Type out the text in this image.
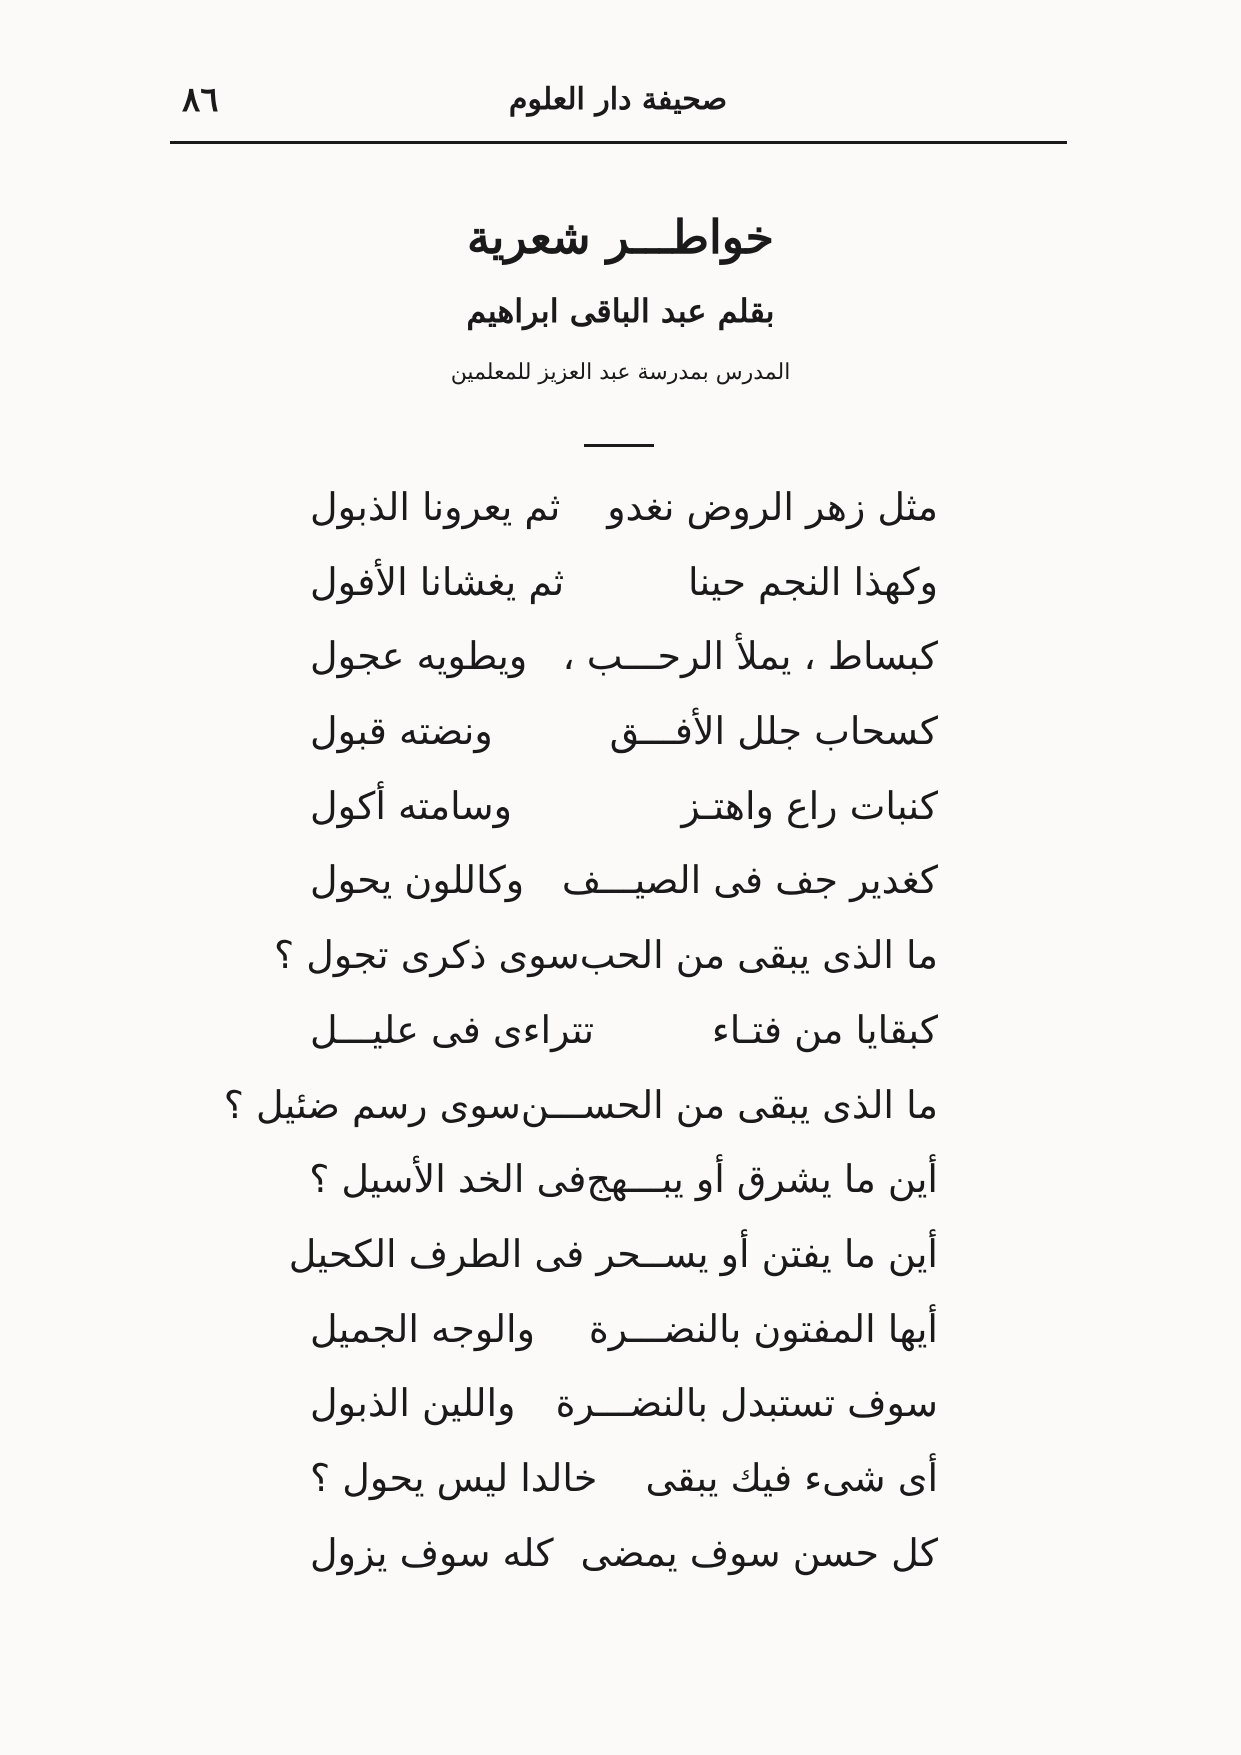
٨٦	صحيفة دار العلوم
خواطـــر شعرية
بقلم عبد الباقى ابراهيم
المدرس بمدرسة عبد العزيز للمعلمين
مثل زهر الروض نغدو
ثم يعرونا الذبول
وكهذا النجم حينا
ثم يغشانا الأفول
كبساط ، يملأ الرحـــب ،
ويطويه عجول
كسحاب جلل الأفـــق
ونضته قبول
كنبات راع واهتـز
وسامته أكول
كغدير جف فى الصيـــف
وكاللون يحول
ما الذى يبقى من الحب
سوى ذكرى تجول ؟
كبقايا من فتـاء
تتراءى فى عليـــل
ما الذى يبقى من الحســـن
سوى رسم ضئيل ؟
أين ما يشرق أو يبـــهج
فى الخد الأسيل ؟
أين ما يفتن أو يسـ
ـحر فى الطرف الكحيل
أيها المفتون بالنضـــرة
والوجه الجميل
سوف تستبدل بالنضـــرة
واللين الذبول
أى شىء فيك يبقى
خالدا ليس يحول ؟
كل حسن سوف يمضى
كله سوف يزول
